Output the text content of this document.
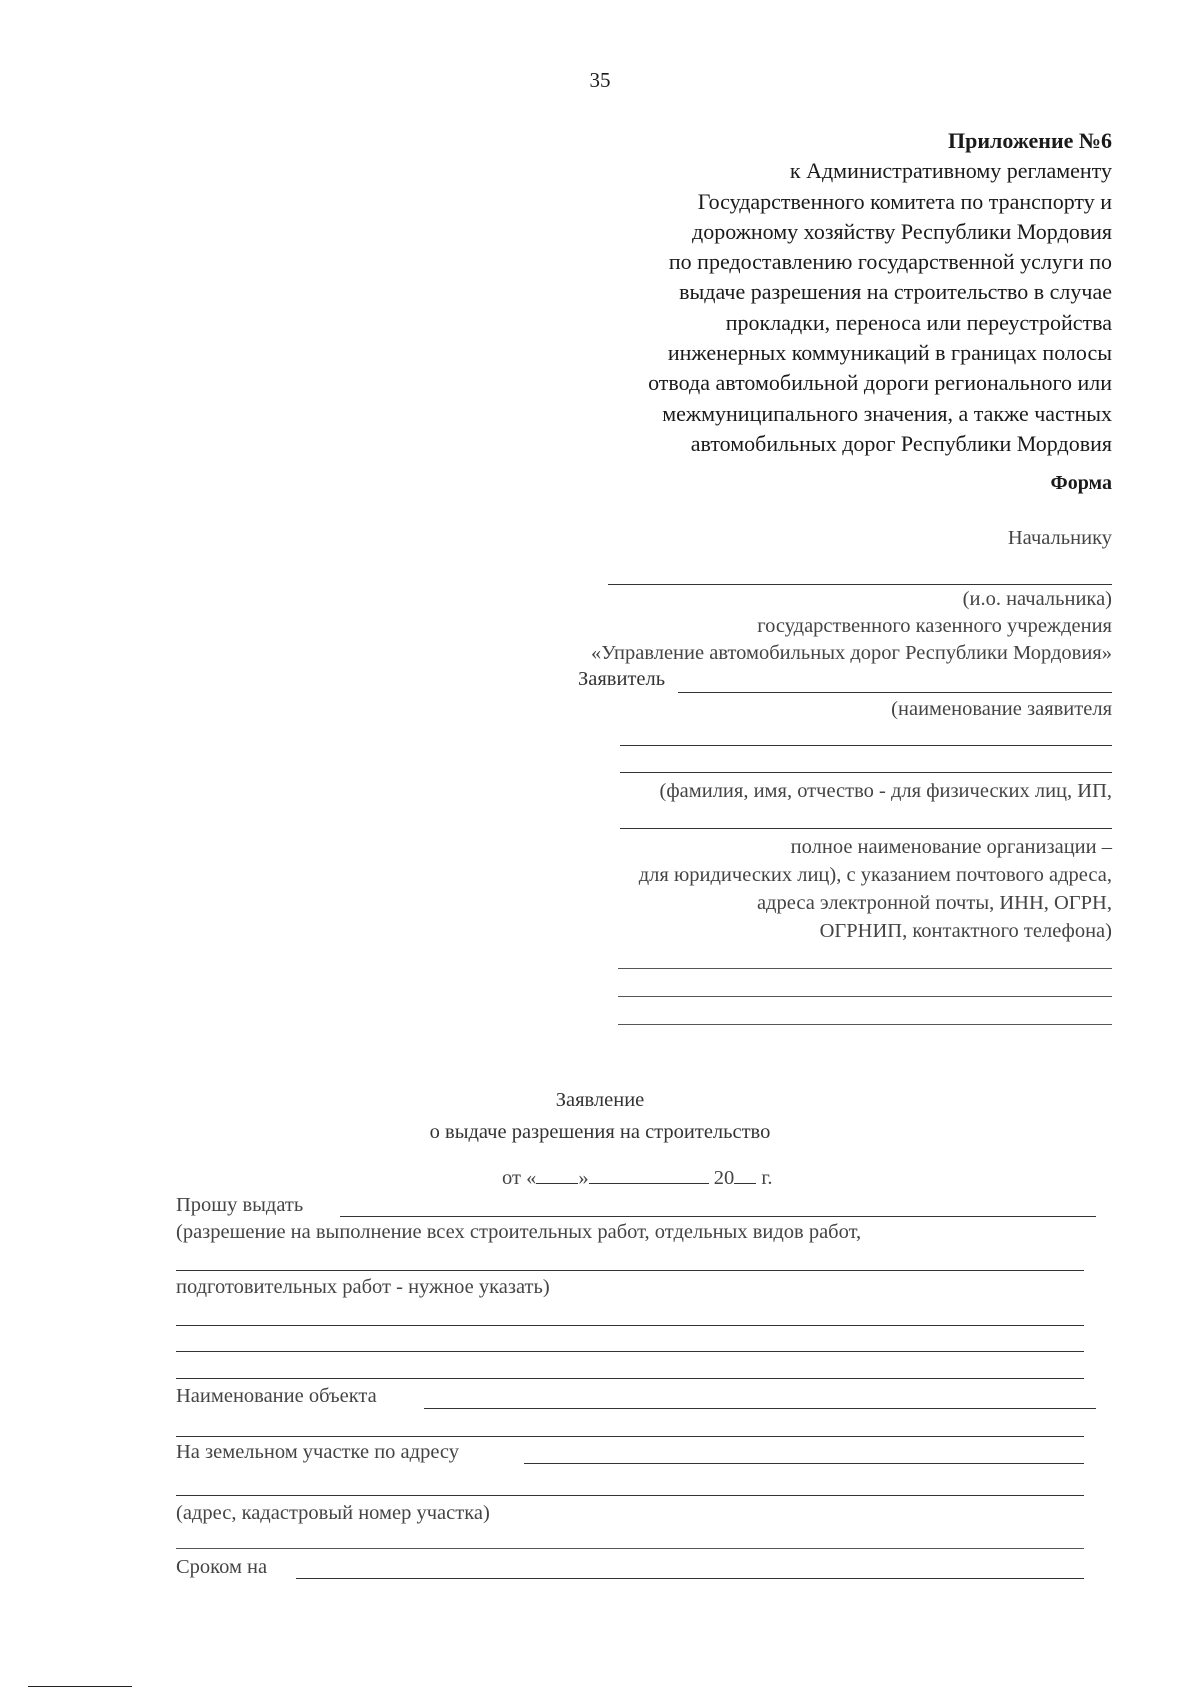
35
Приложение №6
к Административному регламенту
Государственного комитета по транспорту и
дорожному хозяйству Республики Мордовия
по предоставлению государственной услуги по
выдаче разрешения на строительство в случае
прокладки, переноса или переустройства
инженерных коммуникаций в границах полосы
отвода автомобильной дороги регионального или
межмуниципального значения, а также частных
автомобильных дорог Республики Мордовия
Форма
Начальнику
(и.о. начальника)
государственного казенного учреждения
«Управление автомобильных дорог Республики Мордовия»
Заявитель
(наименование заявителя
(фамилия, имя, отчество - для физических лиц, ИП,
полное наименование организации –
для юридических лиц), с указанием почтового адреса,
адреса электронной почты, ИНН, ОГРН,
ОГРНИП, контактного телефона)
Заявление
о выдаче разрешения на строительство
от « »	20 г.
Прошу выдать
(разрешение на выполнение всех строительных работ, отдельных видов работ,
подготовительных работ - нужное указать)
Наименование объекта
На земельном участке по адресу
(адрес, кадастровый номер участка)
Сроком на
